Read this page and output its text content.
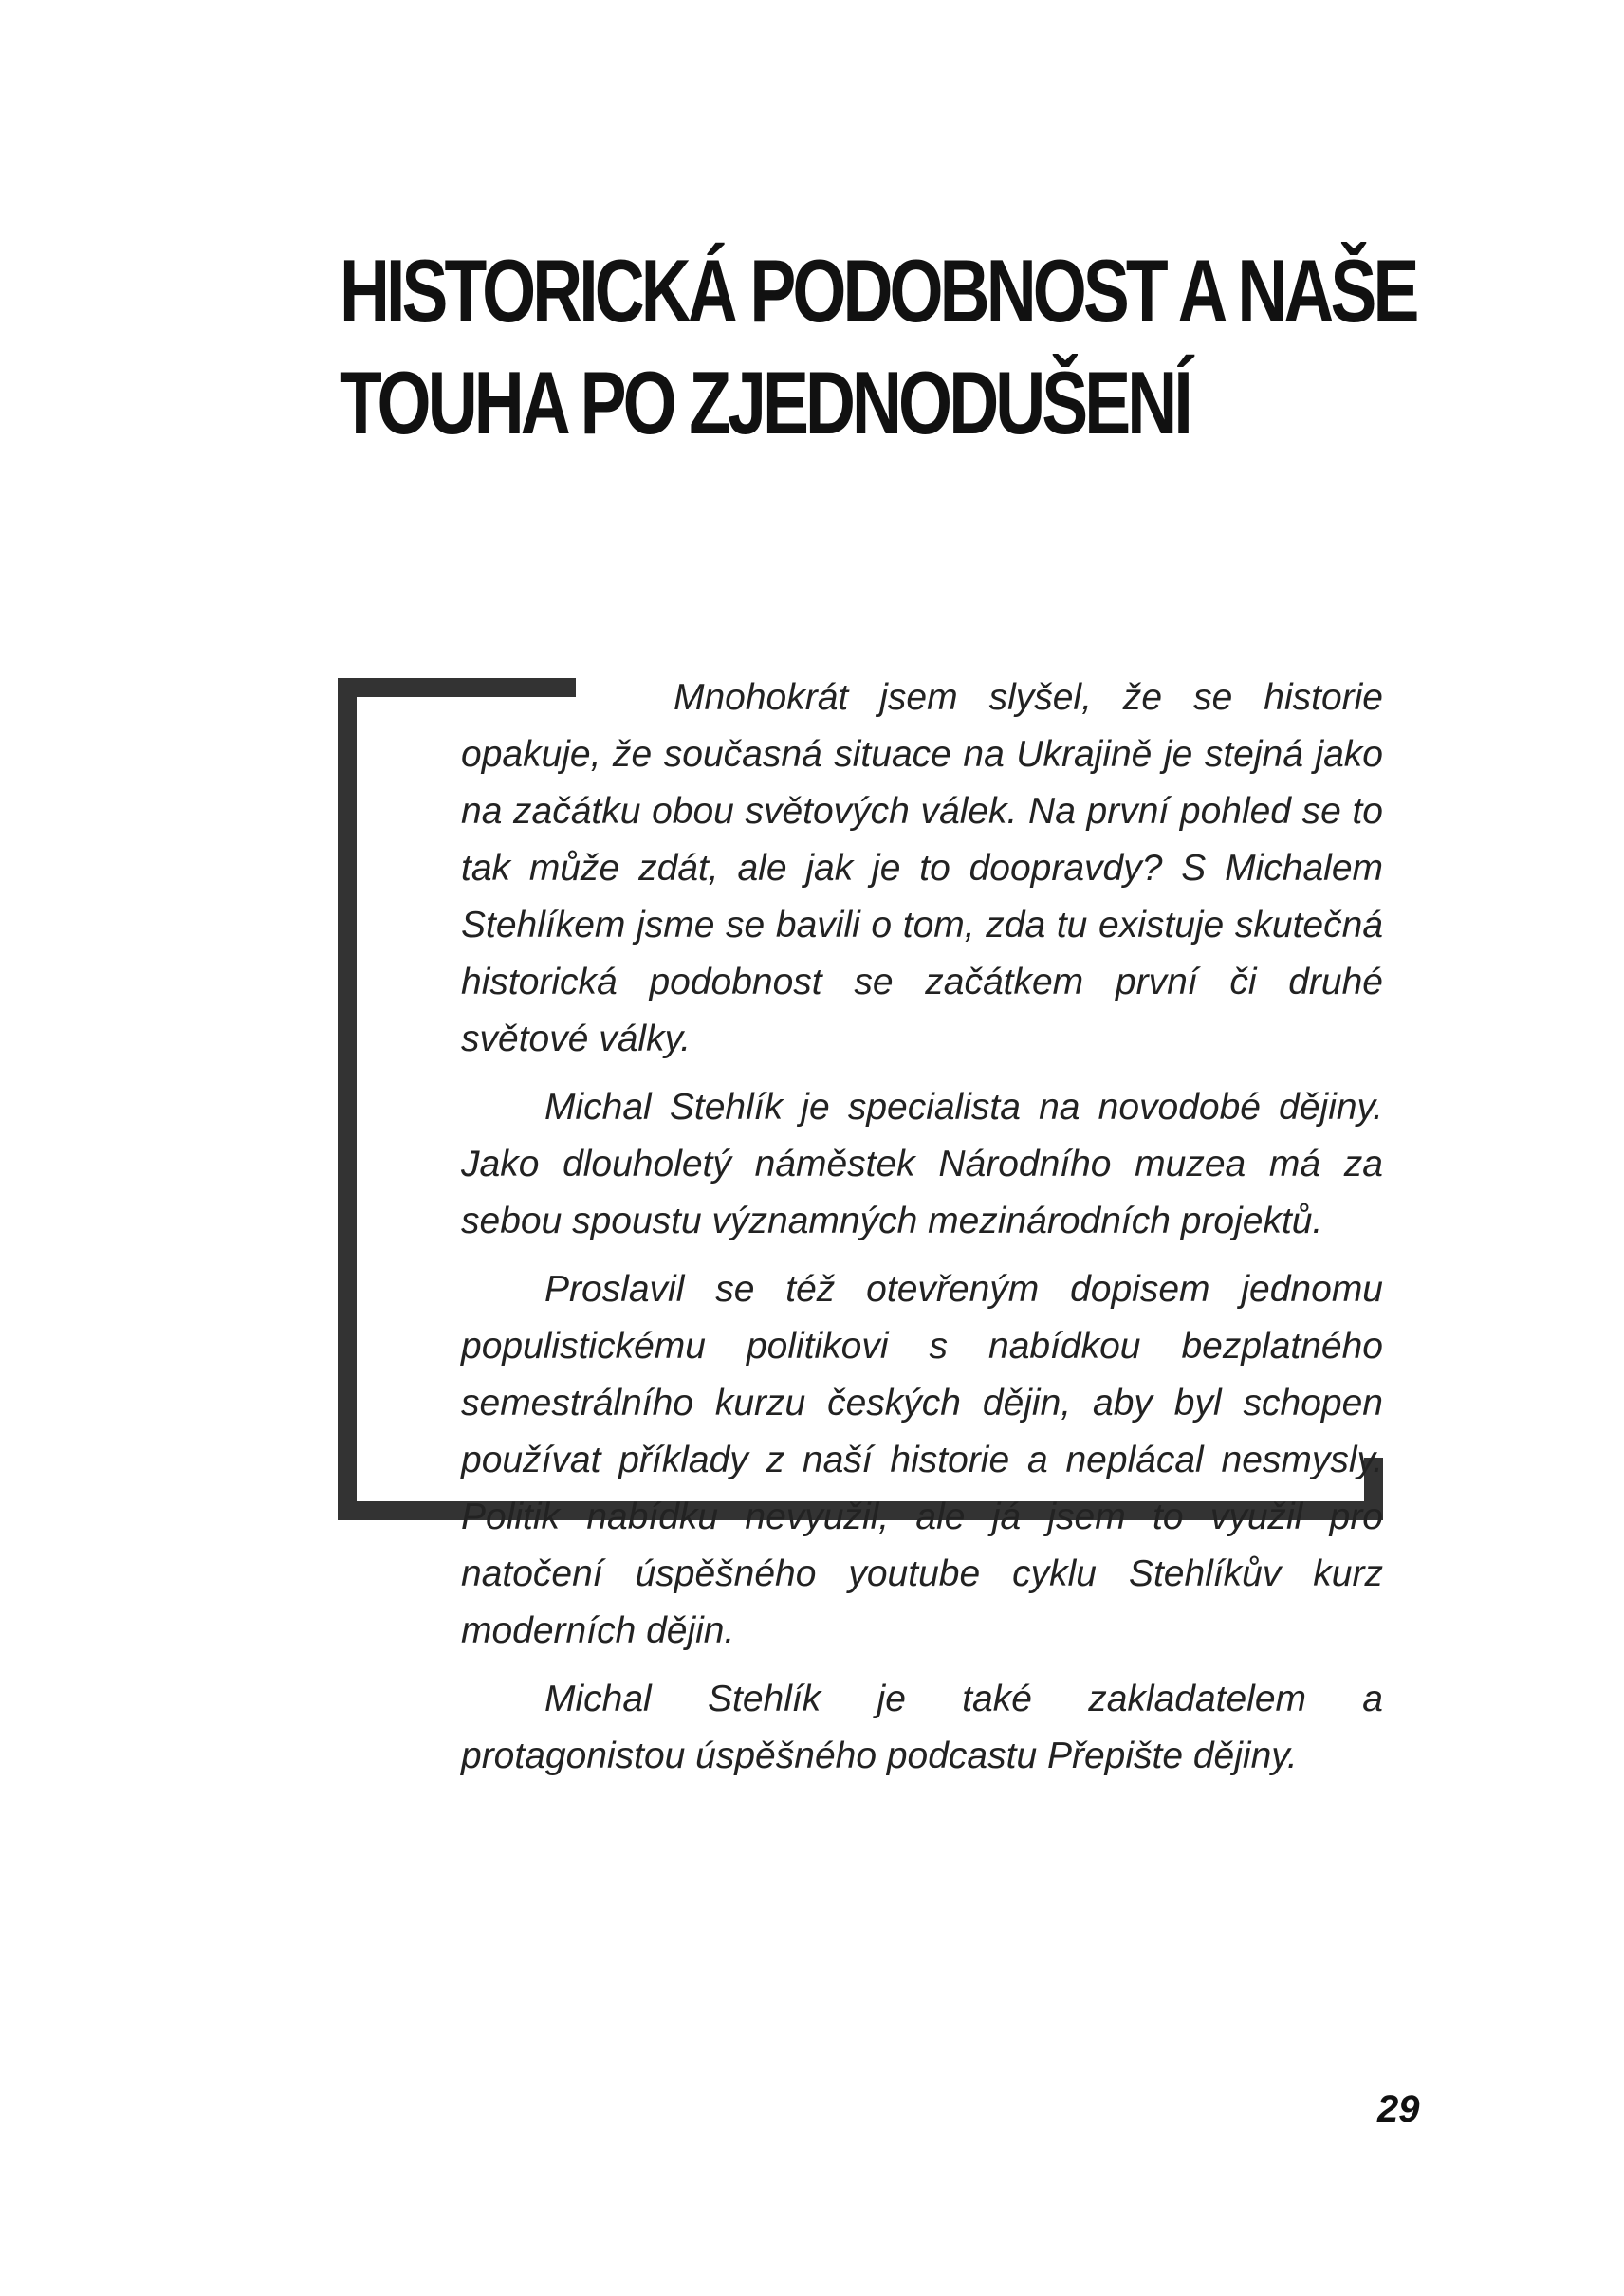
HISTORICKÁ PODOBNOST A NAŠE
TOUHA PO ZJEDNODUŠENÍ

Mnohokrát jsem slyšel, že se historie opakuje, že současná situace na Ukrajině je stejná jako na začátku obou světových válek. Na první pohled se to tak může zdát, ale jak je to doopravdy? S Michalem Stehlíkem jsme se bavili o tom, zda tu existuje skutečná historická podobnost se začátkem první či druhé světové války.

Michal Stehlík je specialista na novodobé dějiny. Jako dlouholetý náměstek Národního muzea má za sebou spoustu významných mezinárodních projektů.

Proslavil se též otevřeným dopisem jednomu populistickému politikovi s nabídkou bezplatného semestrálního kurzu českých dějin, aby byl schopen používat příklady z naší historie a neplácal nesmysly. Politik nabídku nevyužil, ale já jsem to využil pro natočení úspěšného youtube cyklu Stehlíkův kurz moderních dějin.

Michal Stehlík je také zakladatelem a protagonistou úspěšného podcastu Přepište dějiny.

29
